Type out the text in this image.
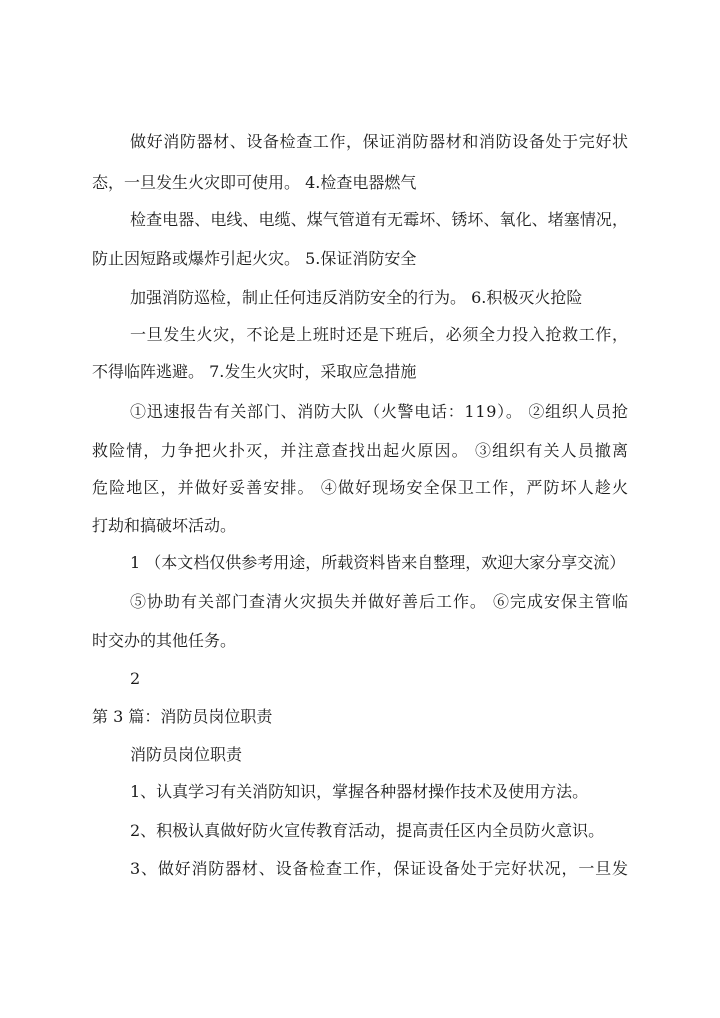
做好消防器材、设备检查工作，保证消防器材和消防设备处于完好状

态，一旦发生火灾即可使用。 4.检查电器燃气

检查电器、电线、电缆、煤气管道有无霉坏、锈坏、氧化、堵塞情况，

防止因短路或爆炸引起火灾。 5.保证消防安全

加强消防巡检，制止任何违反消防安全的行为。 6.积极灭火抢险

一旦发生火灾，不论是上班时还是下班后，必须全力投入抢救工作，

不得临阵逃避。 7.发生火灾时，采取应急措施

①迅速报告有关部门、消防大队（火警电话：119）。 ②组织人员抢

救险情，力争把火扑灭，并注意查找出起火原因。 ③组织有关人员撤离

危险地区，并做好妥善安排。 ④做好现场安全保卫工作，严防坏人趁火

打劫和搞破坏活动。

1 （本文档仅供参考用途，所载资料皆来自整理，欢迎大家分享交流）

⑤协助有关部门查清火灾损失并做好善后工作。 ⑥完成安保主管临

时交办的其他任务。

2

第 3 篇：消防员岗位职责

消防员岗位职责

1、认真学习有关消防知识，掌握各种器材操作技术及使用方法。

2、积极认真做好防火宣传教育活动，提高责任区内全员防火意识。

3、做好消防器材、设备检查工作，保证设备处于完好状况，一旦发
